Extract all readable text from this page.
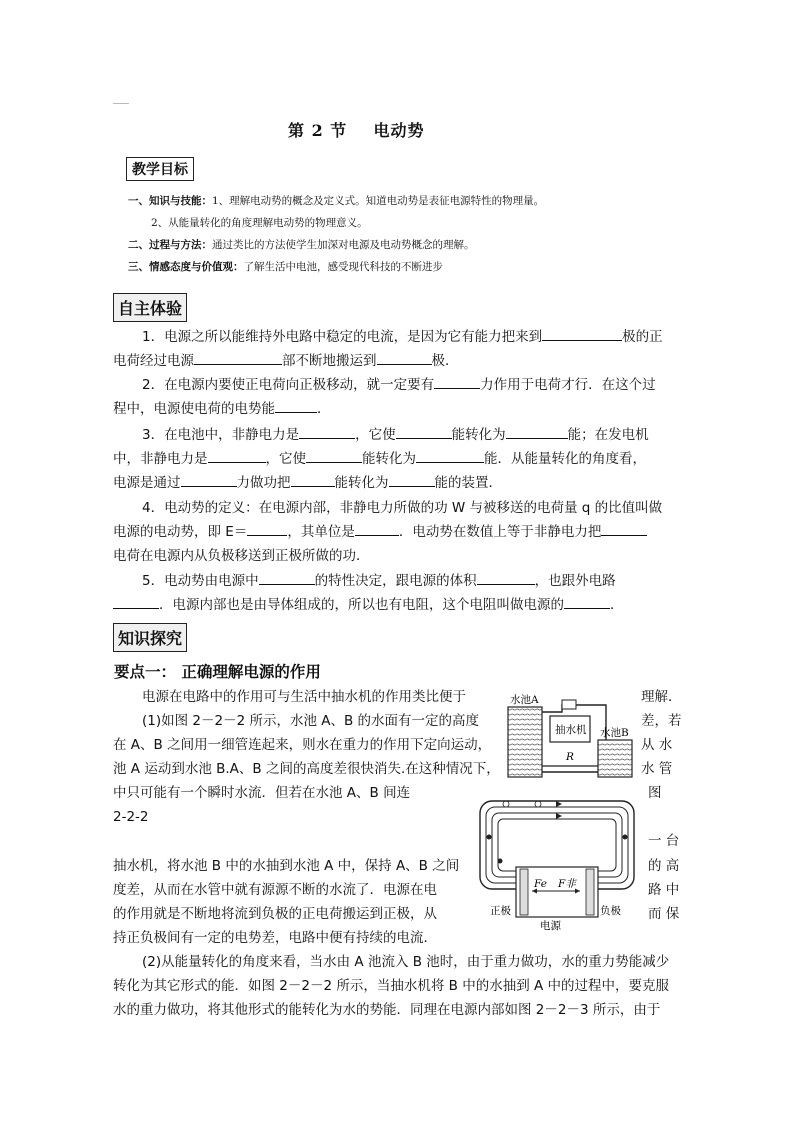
第 2 节    电动势
教学目标
一、知识与技能：1、理解电动势的概念及定义式。知道电动势是表征电源特性的物理量。
2、从能量转化的角度理解电动势的物理意义。
二、过程与方法：通过类比的方法使学生加深对电源及电动势概念的理解。
三、情感态度与价值观：了解生活中电池，感受现代科技的不断进步
自主体验
1．电源之所以能维持外电路中稳定的电流，是因为它有能力把来到	极的正
电荷经过电源	部不断地搬运到	极．
2．在电源内要使正电荷向正极移动，就一定要有	力作用于电荷才行．在这个过
程中，电源使电荷的电势能	．
3．在电池中，非静电力是	，它使	能转化为	能；在发电机
中，非静电力是	，它使	能转化为	能．从能量转化的角度看，
电源是通过	力做功把	能转化为	能的装置．
4．电动势的定义：在电源内部，非静电力所做的功 W 与被移送的电荷量 q 的比值叫做
电源的电动势，即 E＝	，其单位是	．电动势在数值上等于非静电力把
电荷在电源内从负极移送到正极所做的功．
5．电动势由电源中	的特性决定，跟电源的体积	，也跟外电路
．电源内部也是由导体组成的，所以也有电阻，这个电阻叫做电源的	．
知识探究
要点一： 正确理解电源的作用
电源在电路中的作用可与生活中抽水机的作用类比便于	理解．
(1)如图 2－2－2 所示，水池 A、B 的水面有一定的高度	差，若
在 A、B 之间用一细管连起来，则水在重力的作用下定向运动，	从 水
池 A 运动到水池 B.A、B 之间的高度差很快消失.在这种情况下，	水 管
中只可能有一个瞬时水流．但若在水池 A、B 间连	图
2-2-2
一 台
抽水机，将水池 B 中的水抽到水池 A 中，保持 A、B 之间	的 高
度差，从而在水管中就有源源不断的水流了．电源在电	路 中
的作用就是不断地将流到负极的正电荷搬运到正极，从	而 保
持正负极间有一定的电势差，电路中便有持续的电流．
(2)从能量转化的角度来看，当水由 A 池流入 B 池时，由于重力做功，水的重力势能减少
转化为其它形式的能．如图 2－2－2 所示，当抽水机将 B 中的水抽到 A 中的过程中，要克服
水的重力做功，将其他形式的能转化为水的势能．同理在电源内部如图 2－2－3 所示，由于
水池A
抽水机 水池B
R
Fe F非
正极	负极
电源
